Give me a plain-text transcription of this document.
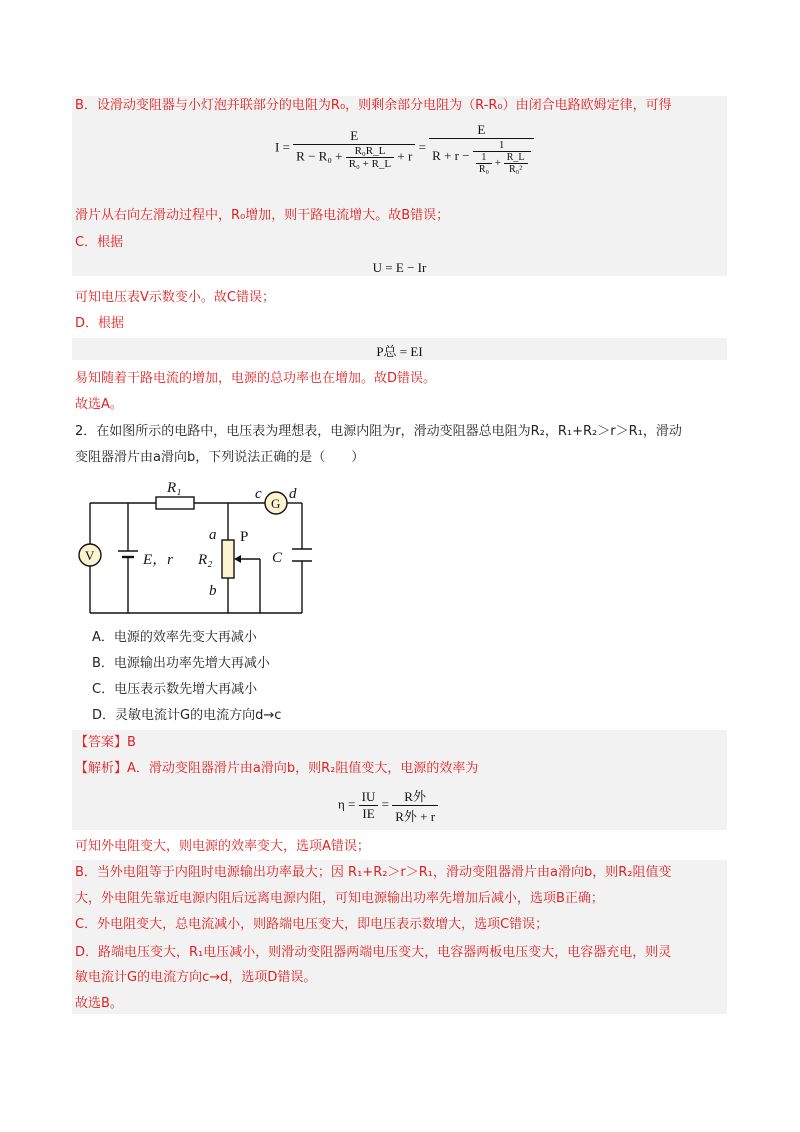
B．设滑动变阻器与小灯泡并联部分的电阻为R₀，则剩余部分电阻为（R-R₀）由闭合电路欧姆定律，可得
I =
E
$R - R_0 + \frac{\text{R₀R\_L}}{\text{R₀ + R\_L}} + r$
=
E
$R + r - \frac{1}{\frac{1}{\text{R₀}} + \frac{R\_L}{\text{R₀²}}}$
滑片从右向左滑动过程中，R₀增加，则干路电流增大。故B错误；
C．根据
U = E − Ir
可知电压表V示数变小。故C错误；
D．根据
P总 = EI
易知随着干路电流的增加，电源的总功率也在增加。故D错误。
故选A。
2．在如图所示的电路中，电压表为理想表，电源内阻为r，滑动变阻器总电阻为R₂，R₁+R₂＞r＞R₁，滑动
变阻器滑片由a滑向b，下列说法正确的是（　　）
R₁
G
c d
V	E，r
a
R₂
P
b
C
A．电源的效率先变大再减小
B．电源输出功率先增大再减小
C．电压表示数先增大再减小
D．灵敏电流计G的电流方向d→c
【答案】B
【解析】A．滑动变阻器滑片由a滑向b，则R₂阻值变大，电源的效率为
$\eta = \frac{IU}{IE} = \frac{\text{R外}}{\text{R外 + r}}$
可知外电阻变大，则电源的效率变大，选项A错误；
B．当外电阻等于内阻时电源输出功率最大；因 R₁+R₂＞r＞R₁，滑动变阻器滑片由a滑向b，则R₂阻值变
大，外电阻先靠近电源内阻后远离电源内阻，可知电源输出功率先增加后减小，选项B正确；
C．外电阻变大，总电流减小，则路端电压变大，即电压表示数增大，选项C错误；
D．路端电压变大，R₁电压减小，则滑动变阻器两端电压变大，电容器两板电压变大，电容器充电，则灵
敏电流计G的电流方向c→d，选项D错误。
故选B。
